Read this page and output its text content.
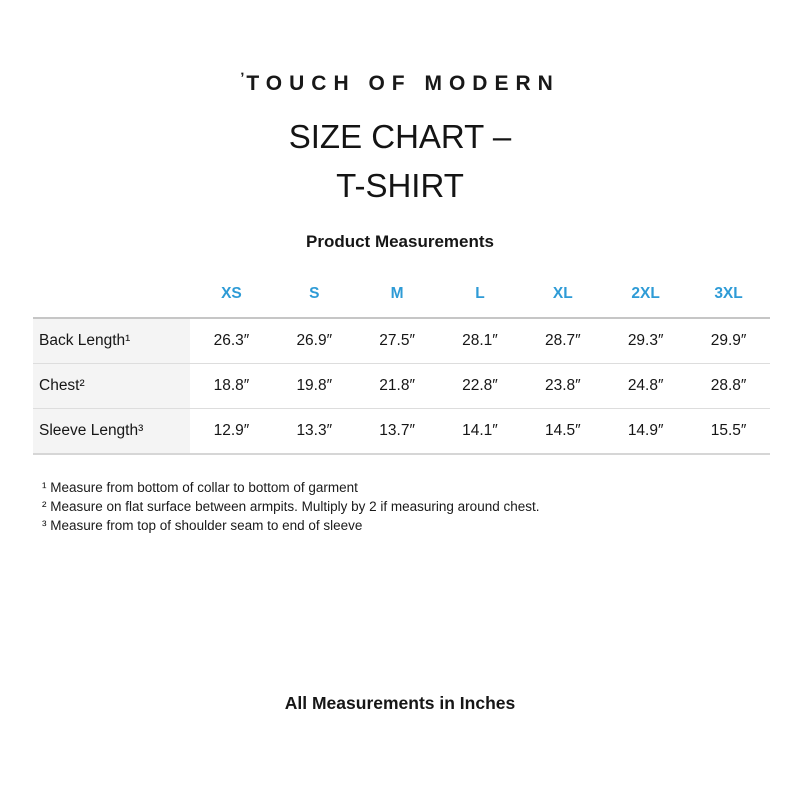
$^ʼ$TOUCH OF MODERN
SIZE CHART –
T-SHIRT
Product Measurements
	XS	S	M	L	XL	2XL	3XL
Back Length¹	26.3″	26.9″	27.5″	28.1″	28.7″	29.3″	29.9″
Chest²	18.8″	19.8″	21.8″	22.8″	23.8″	24.8″	28.8″
Sleeve Length³	12.9″	13.3″	13.7″	14.1″	14.5″	14.9″	15.5″
¹ Measure from bottom of collar to bottom of garment
² Measure on flat surface between armpits. Multiply by 2 if measuring around chest.
³ Measure from top of shoulder seam to end of sleeve
All Measurements in Inches
